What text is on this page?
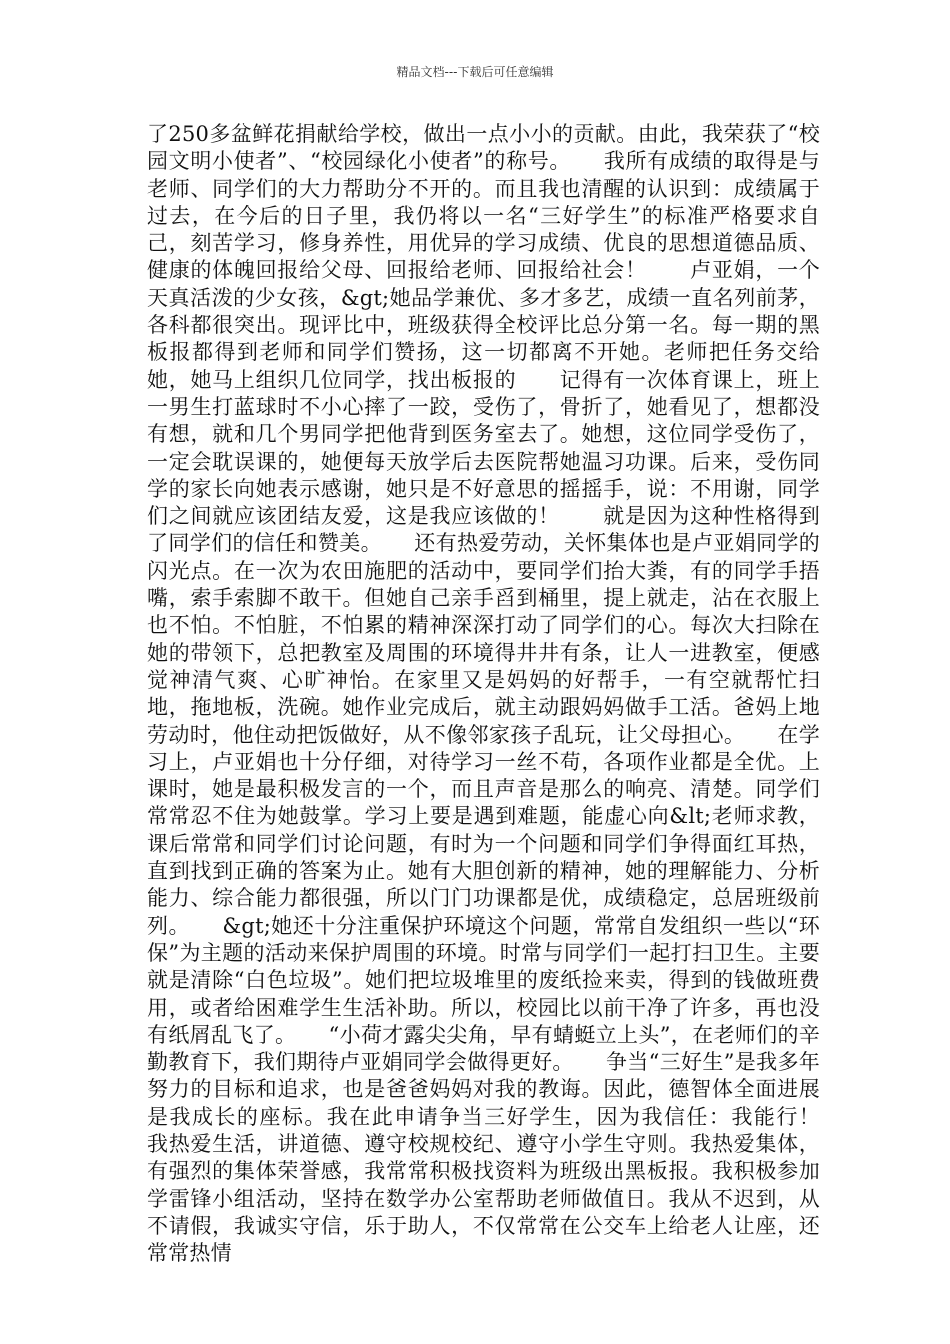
精品文档---下载后可任意编辑

了250多盆鲜花捐献给学校，做出一点小小的贡献。由此，我荣获了“校园文明小使者”、“校园绿化小使者”的称号。　　我所有成绩的取得是与老师、同学们的大力帮助分不开的。而且我也清醒的认识到：成绩属于过去，在今后的日子里，我仍将以一名“三好学生”的标准严格要求自己，刻苦学习，修身养性，用优异的学习成绩、优良的思想道德品质、健康的体魄回报给父母、回报给老师、回报给社会！　　卢亚娟，一个天真活泼的少女孩，&gt;她品学兼优、多才多艺，成绩一直名列前茅，各科都很突出。现评比中，班级获得全校评比总分第一名。每一期的黑板报都得到老师和同学们赞扬，这一切都离不开她。老师把任务交给她，她马上组织几位同学，找出板报的　　记得有一次体育课上，班上一男生打蓝球时不小心摔了一跤，受伤了，骨折了，她看见了，想都没有想，就和几个男同学把他背到医务室去了。她想，这位同学受伤了，一定会耽误课的，她便每天放学后去医院帮她温习功课。后来，受伤同学的家长向她表示感谢，她只是不好意思的摇摇手，说：不用谢，同学们之间就应该团结友爱，这是我应该做的！　　就是因为这种性格得到了同学们的信任和赞美。　　还有热爱劳动，关怀集体也是卢亚娟同学的闪光点。在一次为农田施肥的活动中，要同学们抬大粪，有的同学手捂嘴，索手索脚不敢干。但她自己亲手舀到桶里，提上就走，沾在衣服上也不怕。不怕脏，不怕累的精神深深打动了同学们的心。每次大扫除在她的带领下，总把教室及周围的环境得井井有条，让人一进教室，便感觉神清气爽、心旷神怡。在家里又是妈妈的好帮手，一有空就帮忙扫地，拖地板，洗碗。她作业完成后，就主动跟妈妈做手工活。爸妈上地劳动时，他住动把饭做好，从不像邻家孩子乱玩，让父母担心。　　在学习上，卢亚娟也十分仔细，对待学习一丝不苟，各项作业都是全优。上课时，她是最积极发言的一个，而且声音是那么的响亮、清楚。同学们常常忍不住为她鼓掌。学习上要是遇到难题，能虚心向&lt;老师求教，课后常常和同学们讨论问题，有时为一个问题和同学们争得面红耳热，直到找到正确的答案为止。她有大胆创新的精神，她的理解能力、分析能力、综合能力都很强，所以门门功课都是优，成绩稳定，总居班级前列。　　&gt;她还十分注重保护环境这个问题，常常自发组织一些以“环保”为主题的活动来保护周围的环境。时常与同学们一起打扫卫生。主要就是清除“白色垃圾”。她们把垃圾堆里的废纸捡来卖，得到的钱做班费用，或者给困难学生生活补助。所以，校园比以前干净了许多，再也没有纸屑乱飞了。　　“小荷才露尖尖角，早有蜻蜓立上头”，在老师们的辛勤教育下，我们期待卢亚娟同学会做得更好。　　争当“三好生”是我多年努力的目标和追求，也是爸爸妈妈对我的教诲。因此，德智体全面进展是我成长的座标。我在此申请争当三好学生，因为我信任：我能行！　　我热爱生活，讲道德、遵守校规校纪、遵守小学生守则。我热爱集体，有强烈的集体荣誉感，我常常积极找资料为班级出黑板报。我积极参加学雷锋小组活动，坚持在数学办公室帮助老师做值日。我从不迟到，从不请假，我诚实守信，乐于助人，不仅常常在公交车上给老人让座，还常常热情
